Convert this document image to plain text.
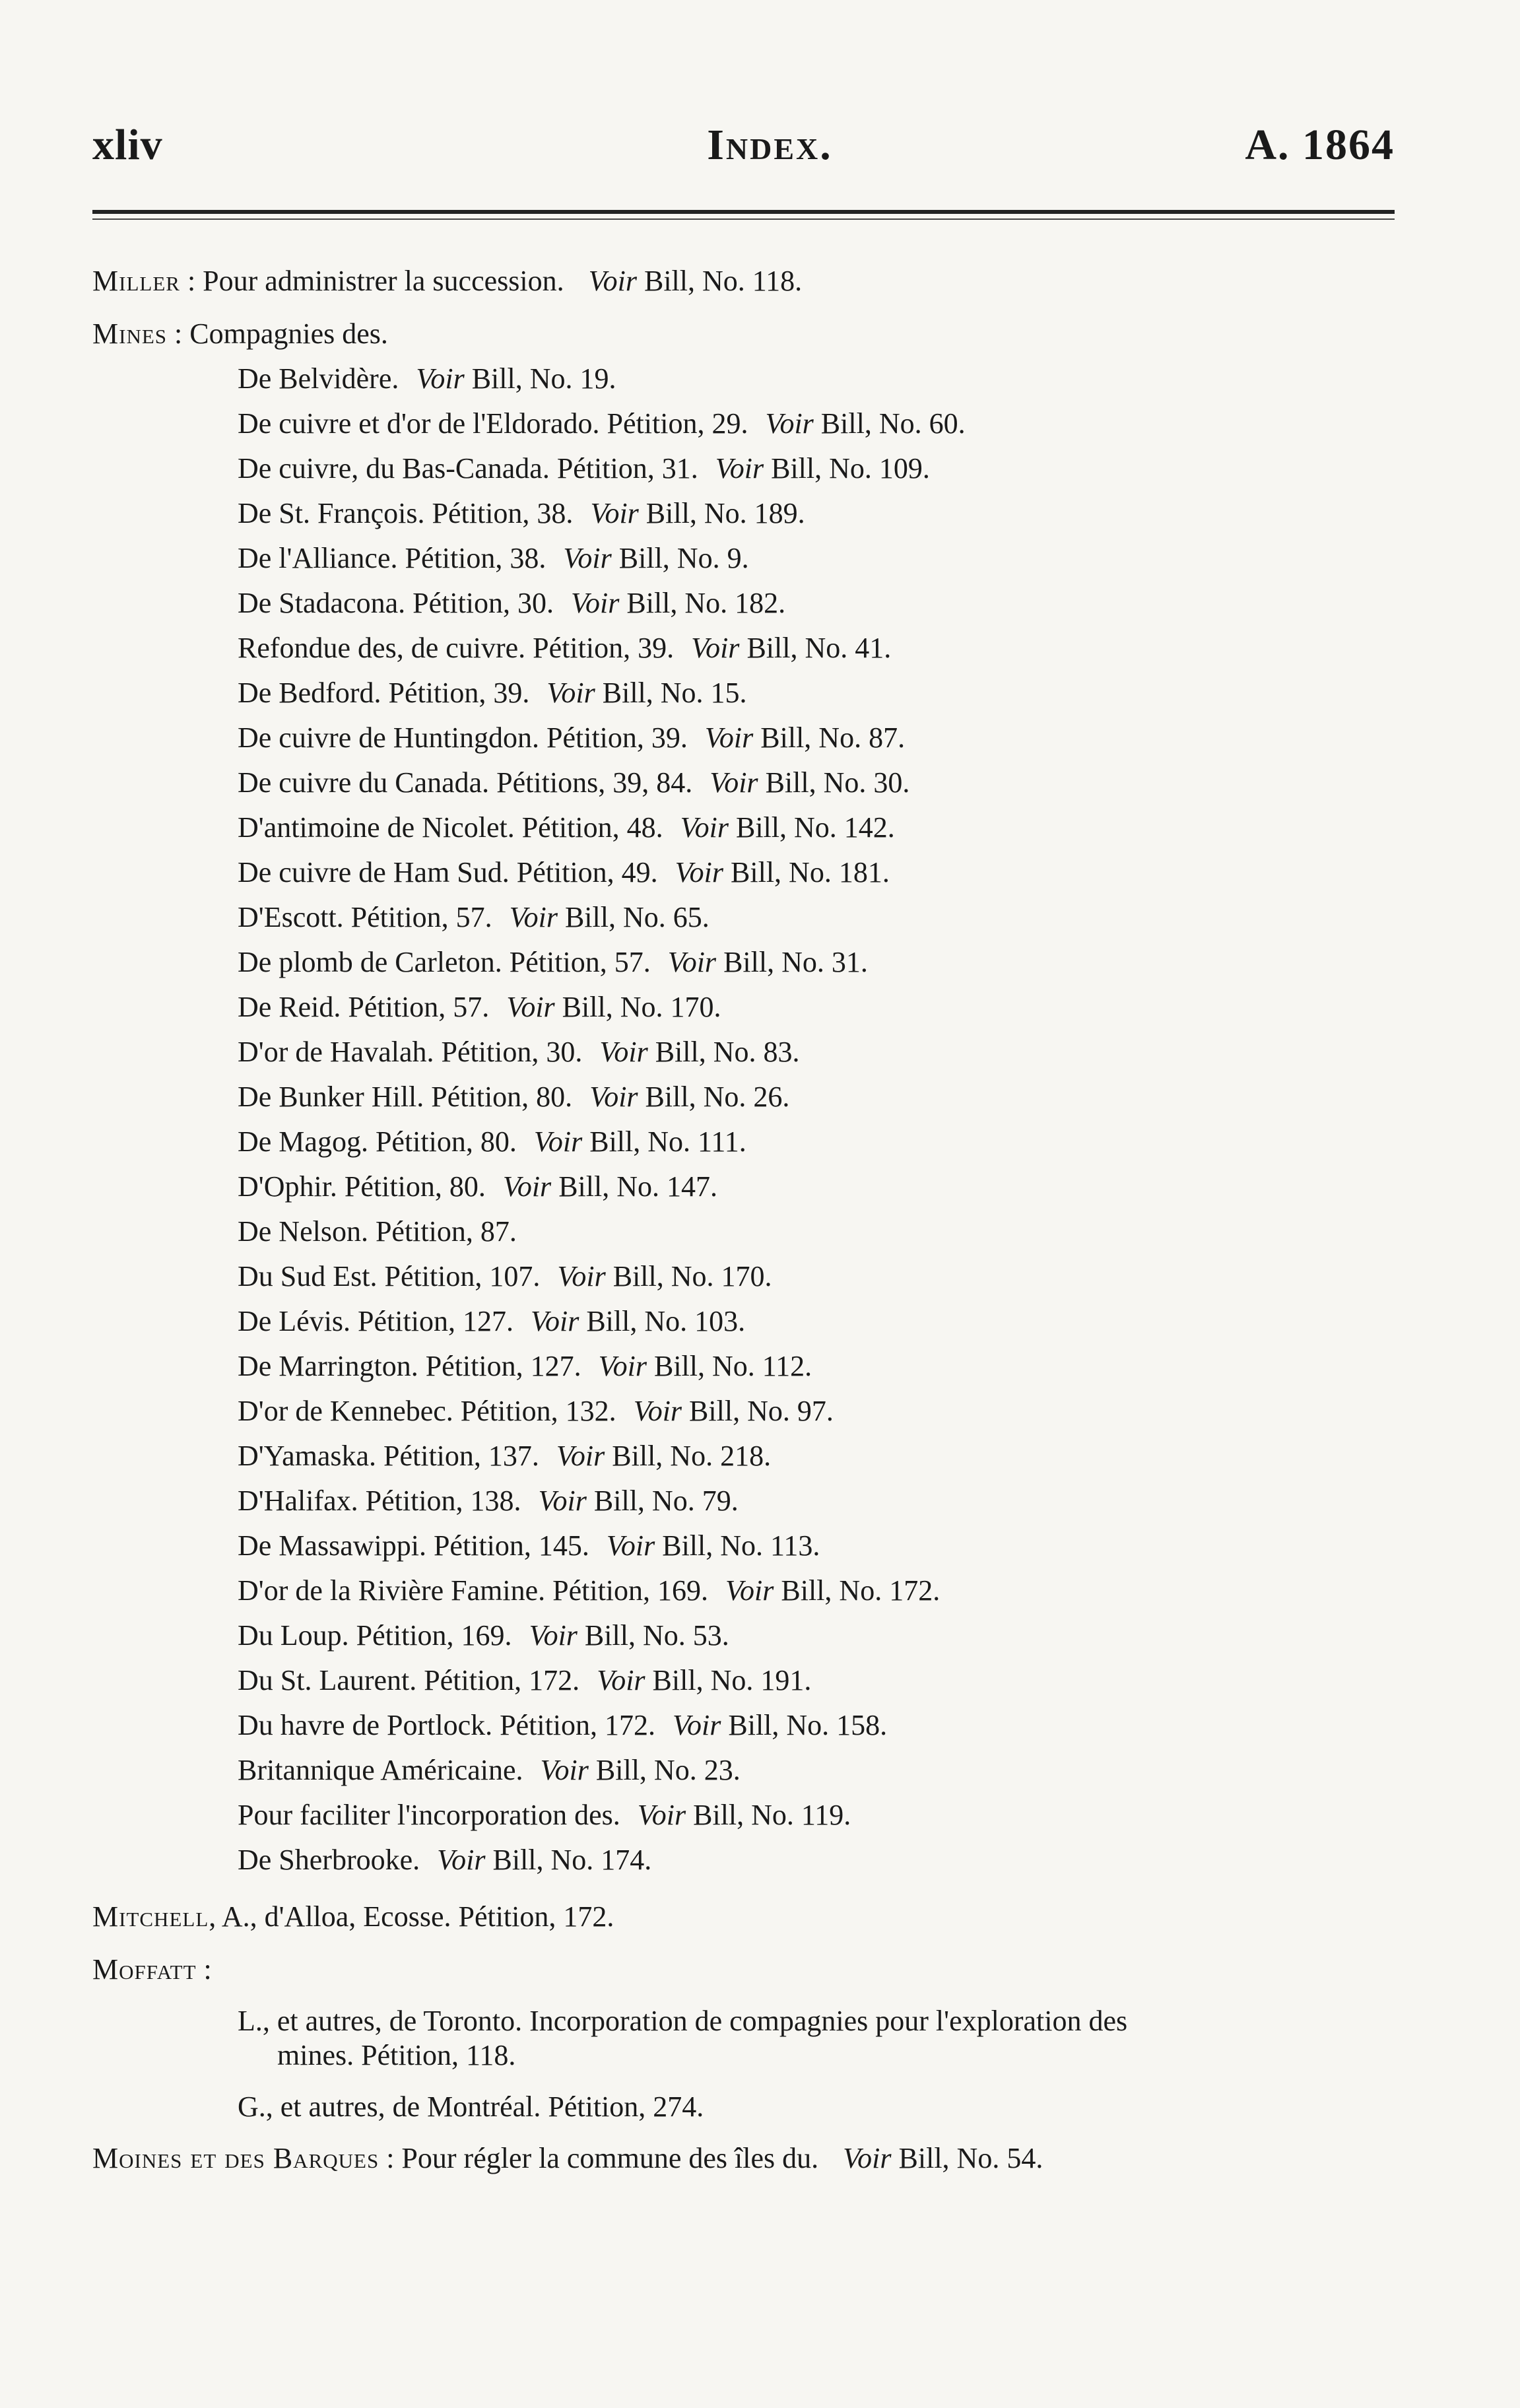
xliv	Index.	A. 1864
Miller : Pour administrer la succession. Voir Bill, No. 118.
Mines : Compagnies des.
De Belvidère. Voir Bill, No. 19.
De cuivre et d'or de l'Eldorado. Pétition, 29. Voir Bill, No. 60.
De cuivre, du Bas-Canada. Pétition, 31. Voir Bill, No. 109.
De St. François. Pétition, 38. Voir Bill, No. 189.
De l'Alliance. Pétition, 38. Voir Bill, No. 9.
De Stadacona. Pétition, 30. Voir Bill, No. 182.
Refondue des, de cuivre. Pétition, 39. Voir Bill, No. 41.
De Bedford. Pétition, 39. Voir Bill, No. 15.
De cuivre de Huntingdon. Pétition, 39. Voir Bill, No. 87.
De cuivre du Canada. Pétitions, 39, 84. Voir Bill, No. 30.
D'antimoine de Nicolet. Pétition, 48. Voir Bill, No. 142.
De cuivre de Ham Sud. Pétition, 49. Voir Bill, No. 181.
D'Escott. Pétition, 57. Voir Bill, No. 65.
De plomb de Carleton. Pétition, 57. Voir Bill, No. 31.
De Reid. Pétition, 57. Voir Bill, No. 170.
D'or de Havalah. Pétition, 30. Voir Bill, No. 83.
De Bunker Hill. Pétition, 80. Voir Bill, No. 26.
De Magog. Pétition, 80. Voir Bill, No. 111.
D'Ophir. Pétition, 80. Voir Bill, No. 147.
De Nelson. Pétition, 87.
Du Sud Est. Pétition, 107. Voir Bill, No. 170.
De Lévis. Pétition, 127. Voir Bill, No. 103.
De Marrington. Pétition, 127. Voir Bill, No. 112.
D'or de Kennebec. Pétition, 132. Voir Bill, No. 97.
D'Yamaska. Pétition, 137. Voir Bill, No. 218.
D'Halifax. Pétition, 138. Voir Bill, No. 79.
De Massawippi. Pétition, 145. Voir Bill, No. 113.
D'or de la Rivière Famine. Pétition, 169. Voir Bill, No. 172.
Du Loup. Pétition, 169. Voir Bill, No. 53.
Du St. Laurent. Pétition, 172. Voir Bill, No. 191.
Du havre de Portlock. Pétition, 172. Voir Bill, No. 158.
Britannique Américaine. Voir Bill, No. 23.
Pour faciliter l'incorporation des. Voir Bill, No. 119.
De Sherbrooke. Voir Bill, No. 174.
Mitchell, A., d'Alloa, Ecosse. Pétition, 172.
Moffatt :
L., et autres, de Toronto. Incorporation de compagnies pour l'exploration des
mines. Pétition, 118.
G., et autres, de Montréal. Pétition, 274.
Moines et des Barques : Pour régler la commune des îles du. Voir Bill, No. 54.
